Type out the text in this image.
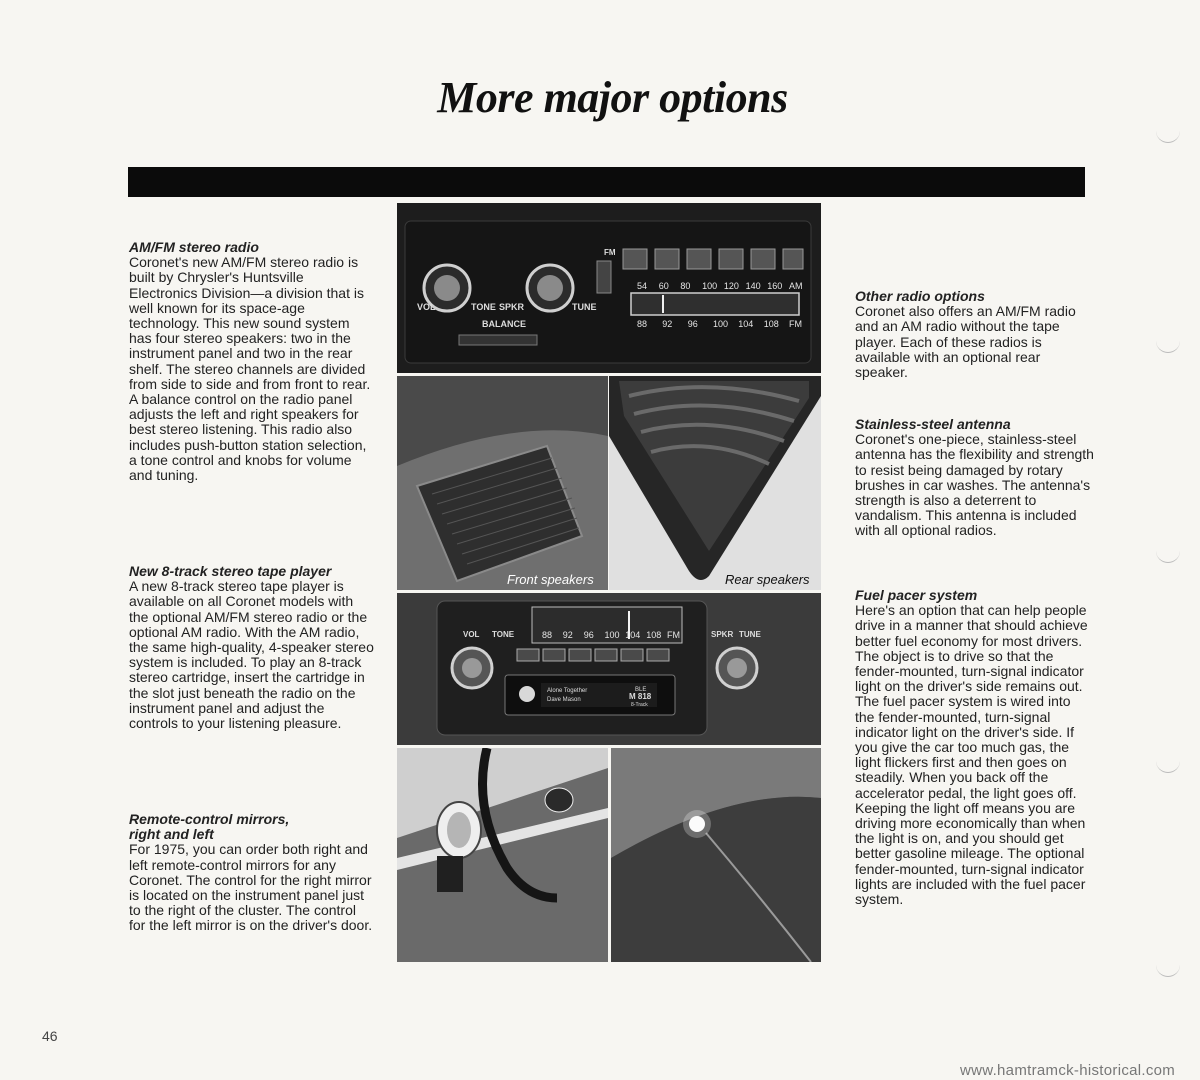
More major options
AM/FM stereo radio

Coronet's new AM/FM stereo radio is built by Chrysler's Huntsville Electronics Division—a division that is well known for its space-age technology. This new sound system has four stereo speakers: two in the instrument panel and two in the rear shelf. The stereo channels are divided from side to side and from front to rear. A balance control on the radio panel adjusts the left and right speakers for best stereo listening. This radio also includes push-button station selection, a tone control and knobs for volume and tuning.

New 8-track stereo tape player

A new 8-track stereo tape player is available on all Coronet models with the optional AM/FM stereo radio or the optional AM radio. With the AM radio, the same high-quality, 4-speaker stereo system is included. To play an 8-track stereo cartridge, insert the cartridge in the slot just beneath the radio on the instrument panel and adjust the controls to your listening pleasure.

Remote-control mirrors, right and left

For 1975, you can order both right and left remote-control mirrors for any Coronet. The control for the right mirror is located on the instrument panel just to the right of the cluster. The control for the left mirror is on the driver's door.

Other radio options

Coronet also offers an AM/FM radio and an AM radio without the tape player. Each of these radios is available with an optional rear speaker.

Stainless-steel antenna

Coronet's one-piece, stainless-steel antenna has the flexibility and strength to resist being damaged by rotary brushes in car washes. The antenna's strength is also a deterrent to vandalism. This antenna is included with all optional radios.

Fuel pacer system

Here's an option that can help people drive in a manner that should achieve better fuel economy for most drivers. The object is to drive so that the fender-mounted, turn-signal indicator light on the driver's side remains out. The fuel pacer system is wired into the fender-mounted, turn-signal indicator light on the driver's side. If you give the car too much gas, the light flickers first and then goes on steadily. When you back off the accelerator pedal, the light goes off. Keeping the light off means you are driving more economically than when the light is on, and you should get better gasoline mileage. The optional fender-mounted, turn-signal indicator lights are included with the fuel pacer system.

VOL	TONE SPKR	TUNE
BALANCE
FM
54 60 80 100 120 140 160 AM
88 92 96 100 104 108 FM
Front speakers	Rear speakers
88 92 96 100 104 108 FM
VOL TONE	SPKR TUNE
Alone Together
Dave Mason
BLE
M 818
8-Track
46
www.hamtramck-historical.com
